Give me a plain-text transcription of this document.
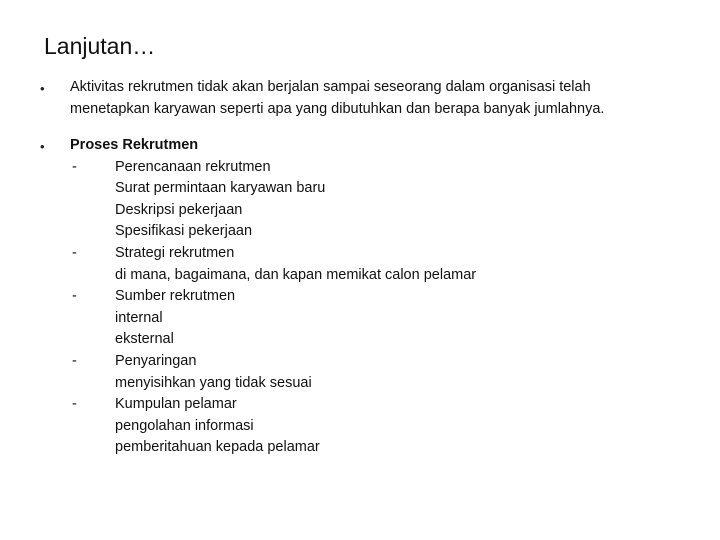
Lanjutan…
• Aktivitas rekrutmen tidak akan berjalan sampai seseorang dalam organisasi telah
menetapkan karyawan seperti apa yang dibutuhkan dan berapa banyak jumlahnya.
• Proses Rekrutmen
-	Perencanaan rekrutmen
Surat permintaan karyawan baru
Deskripsi pekerjaan
Spesifikasi pekerjaan
-	Strategi rekrutmen
di mana, bagaimana, dan kapan memikat calon pelamar
-	Sumber rekrutmen
internal
eksternal
-	Penyaringan
menyisihkan yang tidak sesuai
-	Kumpulan pelamar
pengolahan informasi
pemberitahuan kepada pelamar
